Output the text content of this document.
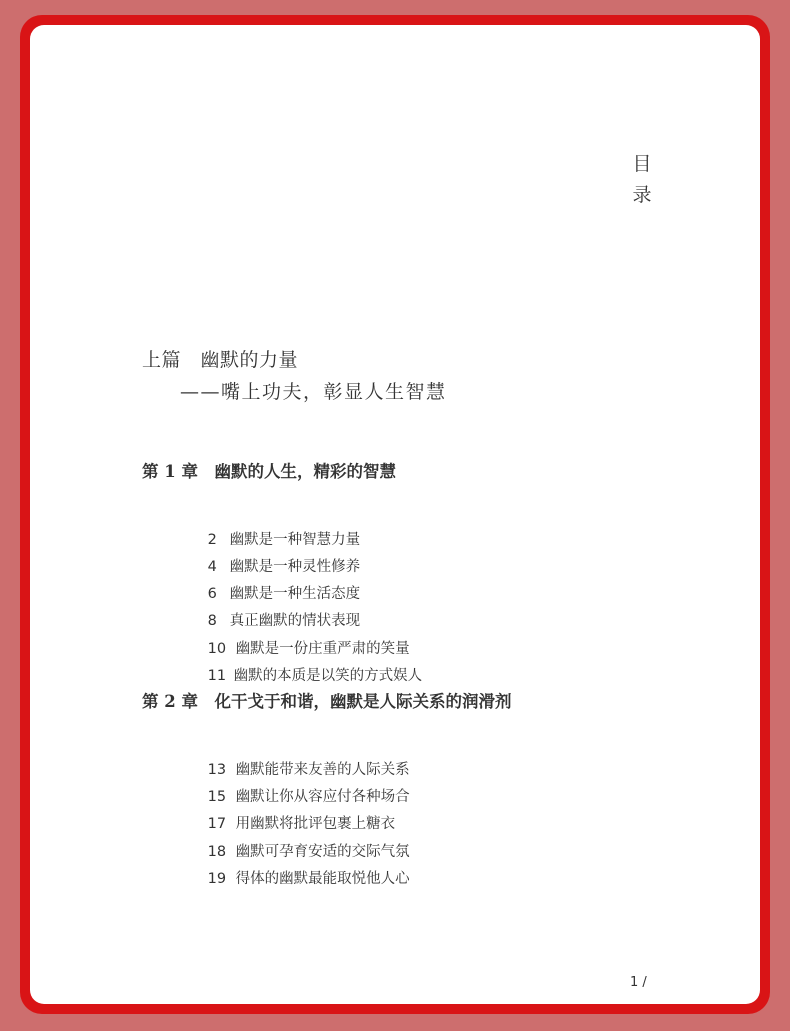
目
录
上篇　幽默的力量
——嘴上功夫，彰显人生智慧
第 1 章　幽默的人生，精彩的智慧

2 幽默是一种智慧力量

4 幽默是一种灵性修养

6 幽默是一种生活态度

8 真正幽默的情状表现

10 幽默是一份庄重严肃的笑量

11 幽默的本质是以笑的方式娱人

第 2 章　化干戈于和谐，幽默是人际关系的润滑剂

13 幽默能带来友善的人际关系

15 幽默让你从容应付各种场合

17 用幽默将批评包裹上糖衣

18 幽默可孕育安适的交际气氛

19 得体的幽默最能取悦他人心

1 /
